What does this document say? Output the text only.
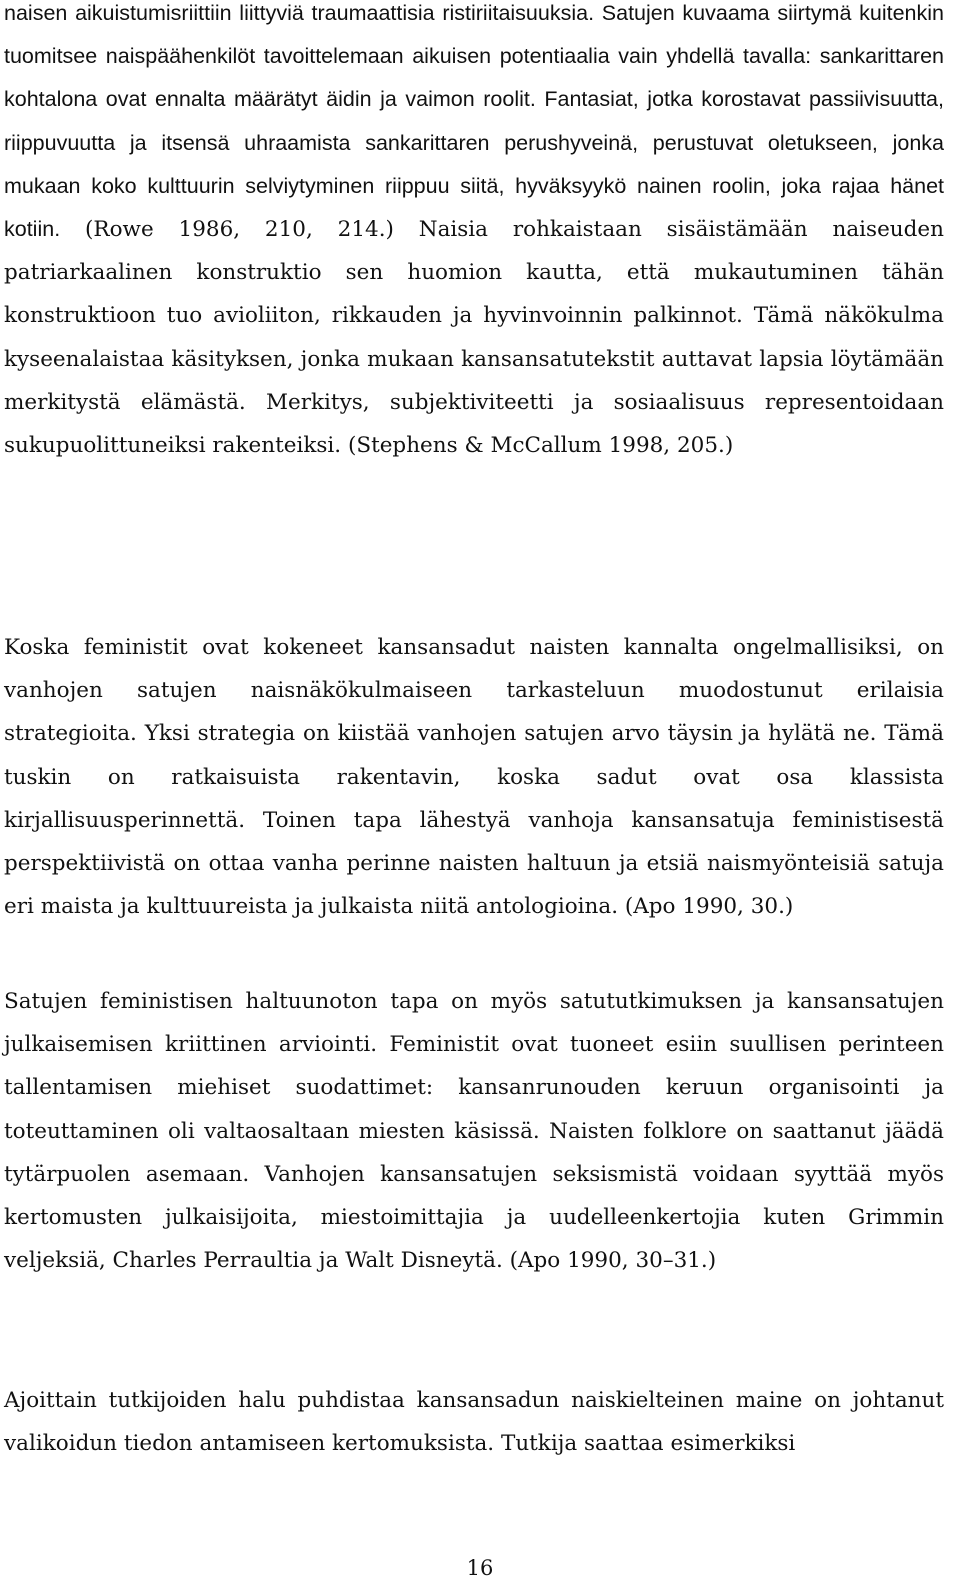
naisen aikuistumisriittiin liittyviä traumaattisia ristiriitaisuuksia. Satujen kuvaama siirtymä kuitenkin tuomitsee naispäähenkilöt tavoittelemaan aikuisen potentiaalia vain yhdellä tavalla: sankarittaren kohtalona ovat ennalta määrätyt äidin ja vaimon roolit. Fantasiat, jotka korostavat passiivisuutta, riippuvuutta ja itsensä uhraamista sankarittaren perushyveinä, perustuvat oletukseen, jonka mukaan koko kulttuurin selviytyminen riippuu siitä, hyväksyykö nainen roolin, joka rajaa hänet kotiin. (Rowe 1986, 210, 214.) Naisia rohkaistaan sisäistämään naiseuden patriarkaalinen konstruktio sen huomion kautta, että mukautuminen tähän konstruktioon tuo avioliiton, rikkauden ja hyvinvoinnin palkinnot. Tämä näkökulma kyseenalaistaa käsityksen, jonka mukaan kansansatutekstit auttavat lapsia löytämään merkitystä elämästä. Merkitys, subjektiviteetti ja sosiaalisuus representoidaan sukupuolittuneiksi rakenteiksi. (Stephens & McCallum 1998, 205.)

Koska feministit ovat kokeneet kansansadut naisten kannalta ongelmallisiksi, on vanhojen satujen naisnäkökulmaiseen tarkasteluun muodostunut erilaisia strategioita. Yksi strategia on kiistää vanhojen satujen arvo täysin ja hylätä ne. Tämä tuskin on ratkaisuista rakentavin, koska sadut ovat osa klassista kirjallisuusperinnettä. Toinen tapa lähestyä vanhoja kansansatuja feministisestä perspektiivistä on ottaa vanha perinne naisten haltuun ja etsiä naismyönteisiä satuja eri maista ja kulttuureista ja julkaista niitä antologioina. (Apo 1990, 30.)

Satujen feministisen haltuunoton tapa on myös satututkimuksen ja kansansatujen julkaisemisen kriittinen arviointi. Feministit ovat tuoneet esiin suullisen perinteen tallentamisen miehiset suodattimet: kansanrunouden keruun organisointi ja toteuttaminen oli valtaosaltaan miesten käsissä. Naisten folklore on saattanut jäädä tytärpuolen asemaan. Vanhojen kansansatujen seksismistä voidaan syyttää myös kertomusten julkaisijoita, miestoimittajia ja uudelleenkertojia kuten Grimmin veljeksiä, Charles Perraultia ja Walt Disneytä. (Apo 1990, 30–31.)

Ajoittain tutkijoiden halu puhdistaa kansansadun naiskielteinen maine on johtanut valikoidun tiedon antamiseen kertomuksista. Tutkija saattaa esimerkiksi

16
